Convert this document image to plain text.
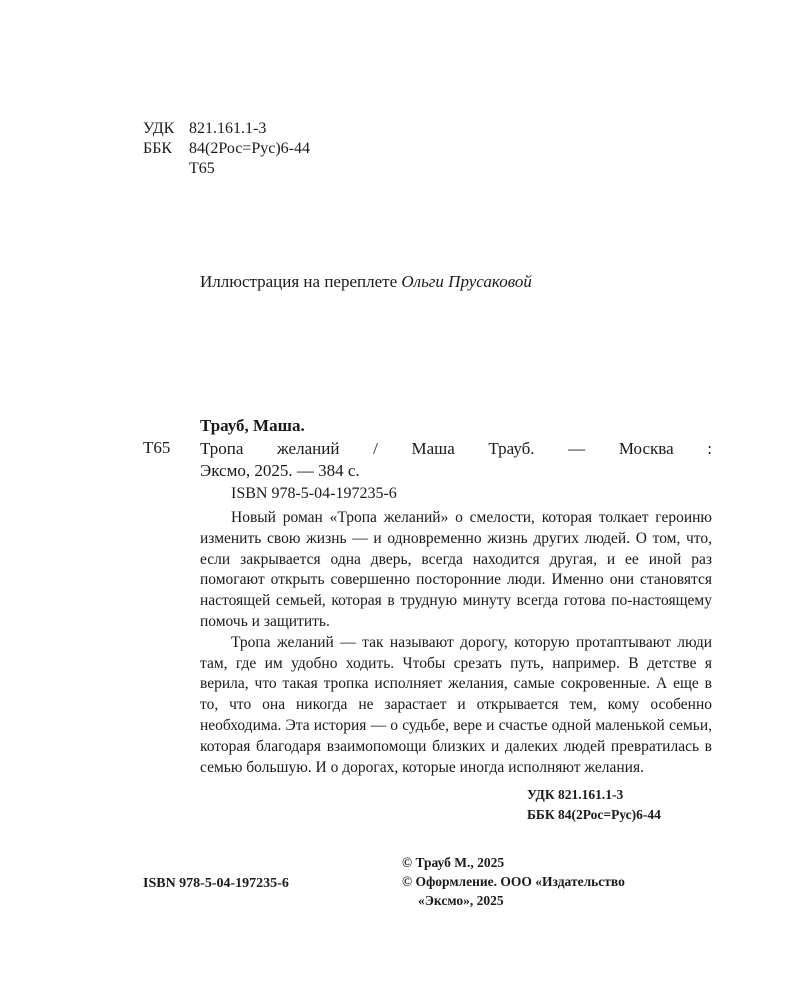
УДК 821.161.1-3
ББК	84(2Рос=Рус)6-44
Т65
Иллюстрация на переплете Ольги Прусаковой
Трауб, Маша.
Т65 Тропа желаний / Маша Трауб. — Москва :
Эксмо, 2025. — 384 с.
ISBN 978-5-04-197235-6

Новый роман «Тропа желаний» о смелости, которая толкает героиню изменить свою жизнь — и одновременно жизнь других людей. О том, что, если закрывается одна дверь, всегда находится другая, и ее иной раз помогают открыть совершенно посторонние люди. Именно они становятся настоящей семьей, которая в трудную минуту всегда готова по-настоящему помочь и защитить.

Тропа желаний — так называют дорогу, которую протаптывают люди там, где им удобно ходить. Чтобы срезать путь, например. В детстве я верила, что такая тропка исполняет желания, самые сокровенные. А еще в то, что она никогда не зарастает и открывается тем, кому особенно необходима. Эта история — о судьбе, вере и счастье одной маленькой семьи, которая благодаря взаимопомощи близких и далеких людей превратилась в семью большую. И о дорогах, которые иногда исполняют желания.

УДК 821.161.1-3
ББК 84(2Рос=Рус)6-44
© Трауб М., 2025
© Оформление. ООО «Издательство
«Эксмо», 2025
ISBN 978-5-04-197235-6
